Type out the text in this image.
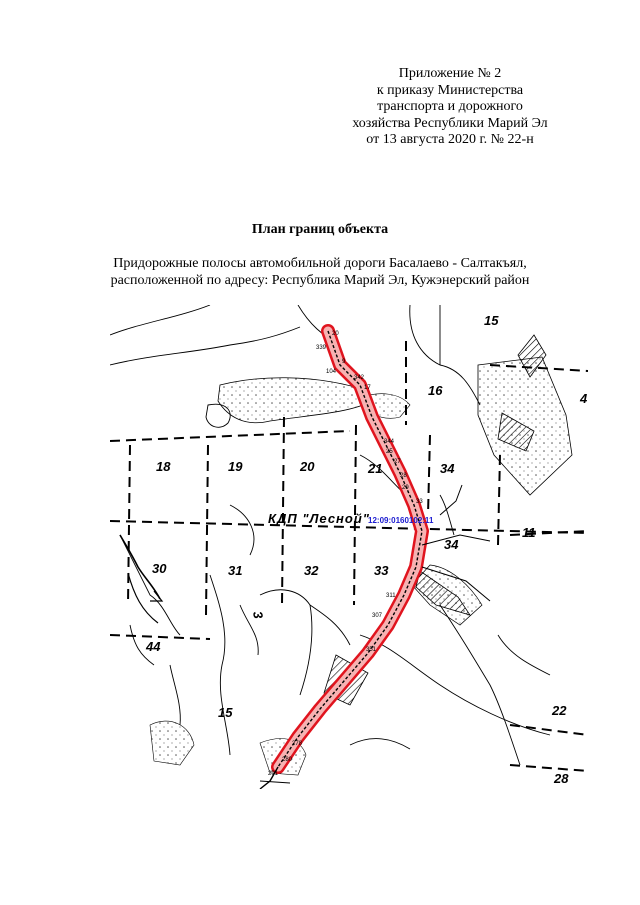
Приложение № 2
к приказу Министерства
транспорта и дорожного
хозяйства Республики Марий Эл
от 13 августа 2020 г. № 22-н
План границ объекта
Придорожные полосы автомобильной дороги Басалаево - Салтакъял,
расположенной по адресу: Республика Марий Эл, Кужэнерский район
15
16
4
18	19	20	21	34
34
11
30	31	32	33
44
15	22
28
3
КДП "Лесной"
12:09:0160102:11
20
339
9
104
342
17
344
25
27
28
29
33
311
307
351
278
280
291
